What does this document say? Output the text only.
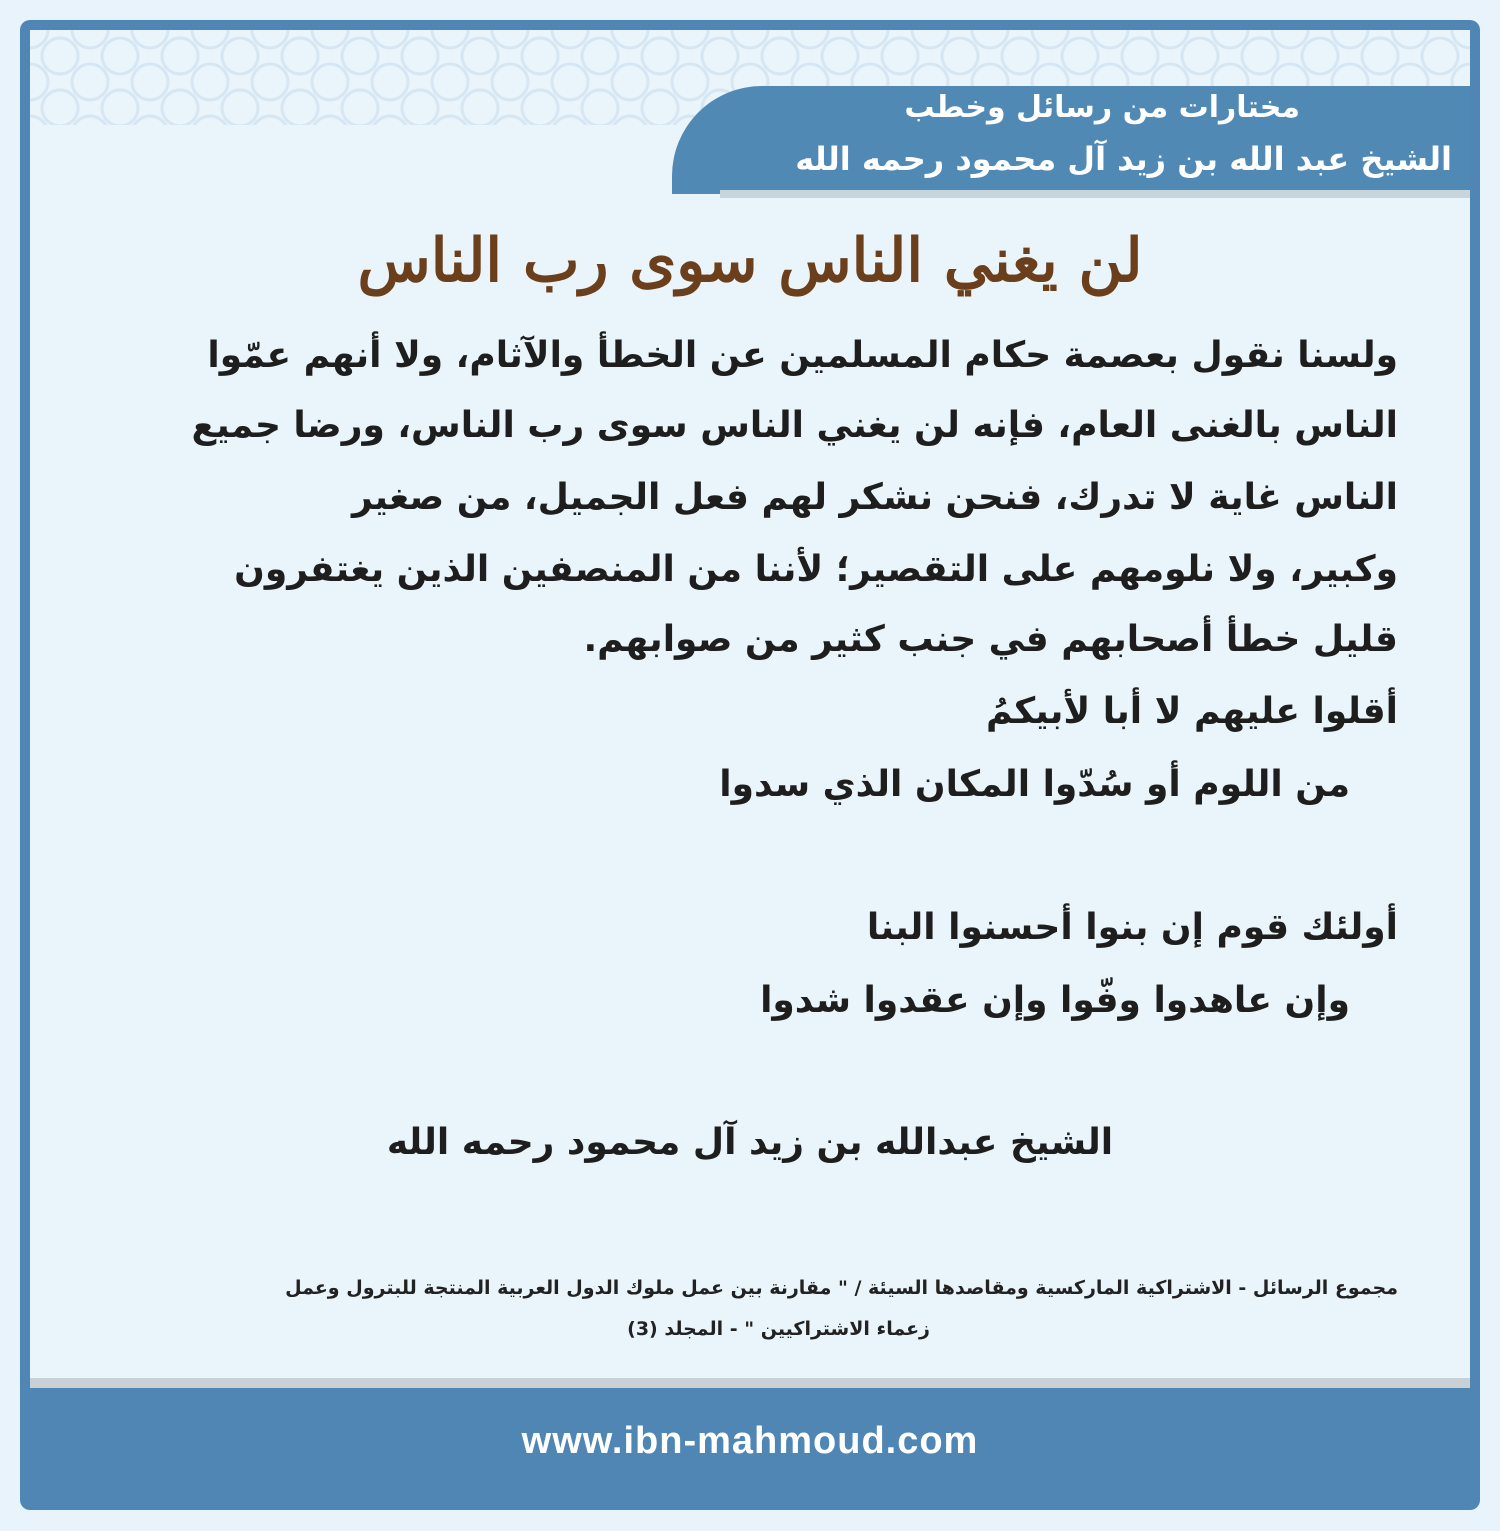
مختارات من رسائل وخطب
الشيخ عبد الله بن زيد آل محمود رحمه الله
لن يغني الناس سوى رب الناس
ولسنا نقول بعصمة حكام المسلمين عن الخطأ والآثام، ولا أنهم عمّوا
الناس بالغنى العام، فإنه لن يغني الناس سوى رب الناس، ورضا جميع
الناس غاية لا تدرك، فنحن نشكر لهم فعل الجميل، من صغير
وكبير، ولا نلومهم على التقصير؛ لأننا من المنصفين الذين يغتفرون
قليل خطأ أصحابهم في جنب كثير من صوابهم.
أقلوا عليهم لا أبا لأبيكمُ
من اللوم أو سُدّوا المكان الذي سدوا
أولئك قوم إن بنوا أحسنوا البنا
وإن عاهدوا وفّوا وإن عقدوا شدوا
الشيخ عبدالله بن زيد آل محمود رحمه الله
مجموع الرسائل - الاشتراكية الماركسية ومقاصدها السيئة / " مقارنة بين عمل ملوك الدول العربية المنتجة للبترول وعمل
زعماء الاشتراكيين " - المجلد (3)
www.ibn-mahmoud.com
